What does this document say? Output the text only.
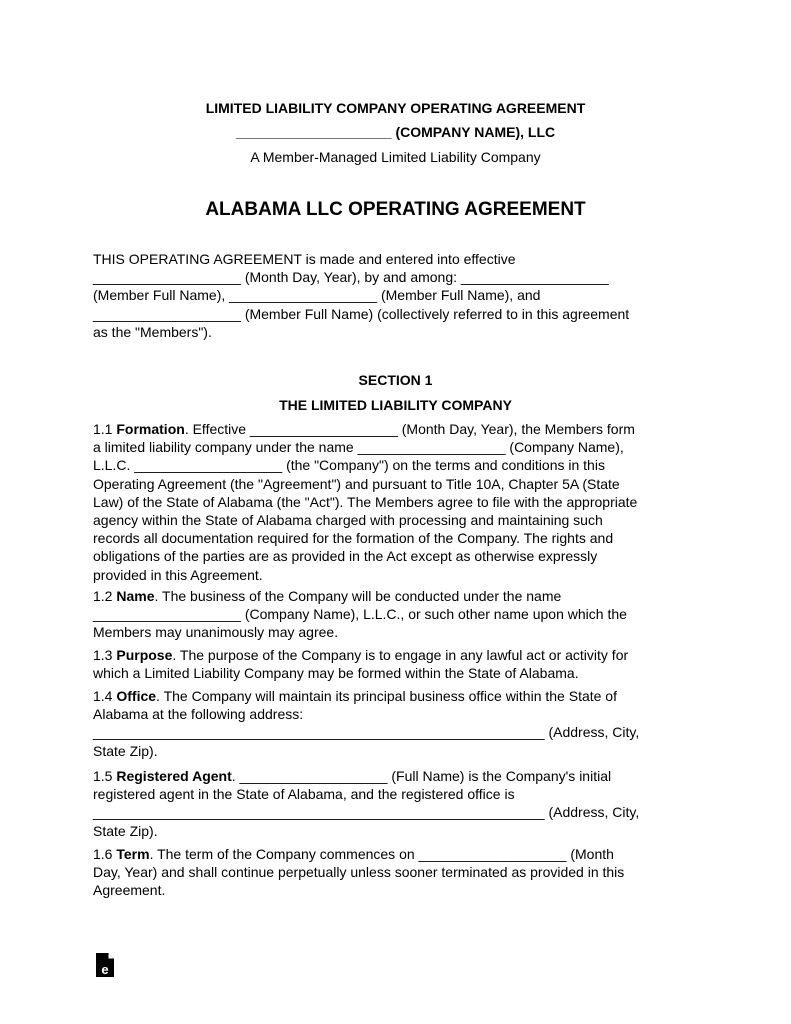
LIMITED LIABILITY COMPANY OPERATING AGREEMENT
____________________ (COMPANY NAME), LLC
A Member-Managed Limited Liability Company
ALABAMA LLC OPERATING AGREEMENT
THIS OPERATING AGREEMENT is made and entered into effective
___________________ (Month Day, Year), by and among: ___________________
(Member Full Name), ___________________ (Member Full Name), and
___________________ (Member Full Name) (collectively referred to in this agreement
as the "Members").
SECTION 1
THE LIMITED LIABILITY COMPANY
1.1 Formation. Effective ___________________ (Month Day, Year), the Members form
a limited liability company under the name ___________________ (Company Name),
L.L.C. ___________________ (the "Company") on the terms and conditions in this
Operating Agreement (the "Agreement") and pursuant to Title 10A, Chapter 5A (State
Law) of the State of Alabama (the "Act"). The Members agree to file with the appropriate
agency within the State of Alabama charged with processing and maintaining such
records all documentation required for the formation of the Company. The rights and
obligations of the parties are as provided in the Act except as otherwise expressly
provided in this Agreement.
1.2 Name. The business of the Company will be conducted under the name
___________________ (Company Name), L.L.C., or such other name upon which the
Members may unanimously may agree.
1.3 Purpose. The purpose of the Company is to engage in any lawful act or activity for
which a Limited Liability Company may be formed within the State of Alabama.
1.4 Office. The Company will maintain its principal business office within the State of
Alabama at the following address:
__________________________________________________________ (Address, City,
State Zip).
1.5 Registered Agent. ___________________ (Full Name) is the Company's initial
registered agent in the State of Alabama, and the registered office is
__________________________________________________________ (Address, City,
State Zip).
1.6 Term. The term of the Company commences on ___________________ (Month
Day, Year) and shall continue perpetually unless sooner terminated as provided in this
Agreement.
e
